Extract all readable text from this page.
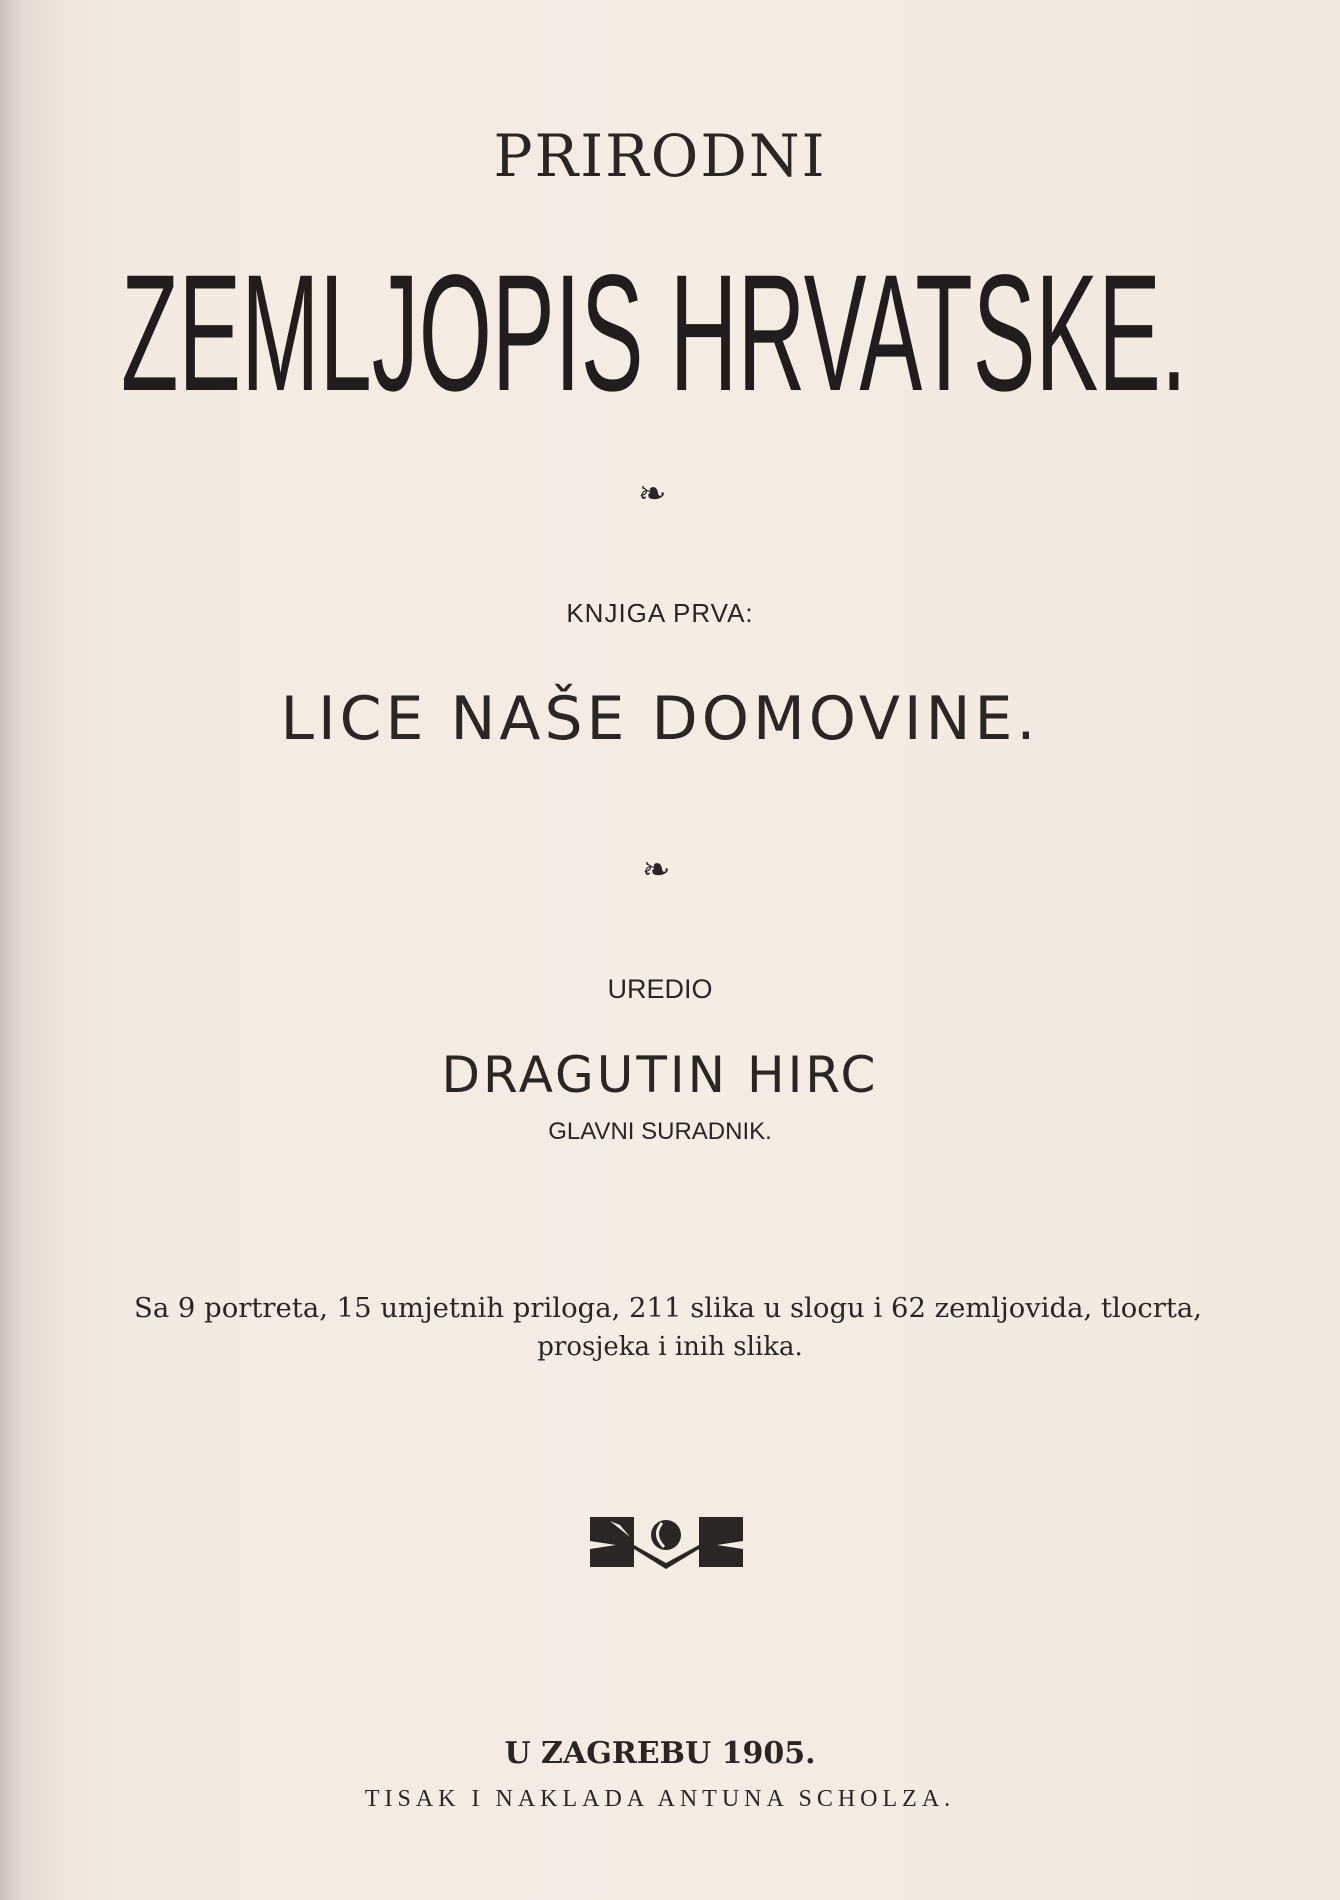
PRIRODNI
ZEMLJOPIS HRVATSKE.
❧
KNJIGA PRVA:
LICE NAŠE DOMOVINE.
❧
UREDIO
DRAGUTIN HIRC
GLAVNI SURADNIK.
Sa 9 portreta, 15 umjetnih priloga, 211 slika u slogu i 62 zemljovida, tlocrta,
prosjeka i inih slika.
U ZAGREBU 1905.
TISAK I NAKLADA ANTUNA SCHOLZA.
